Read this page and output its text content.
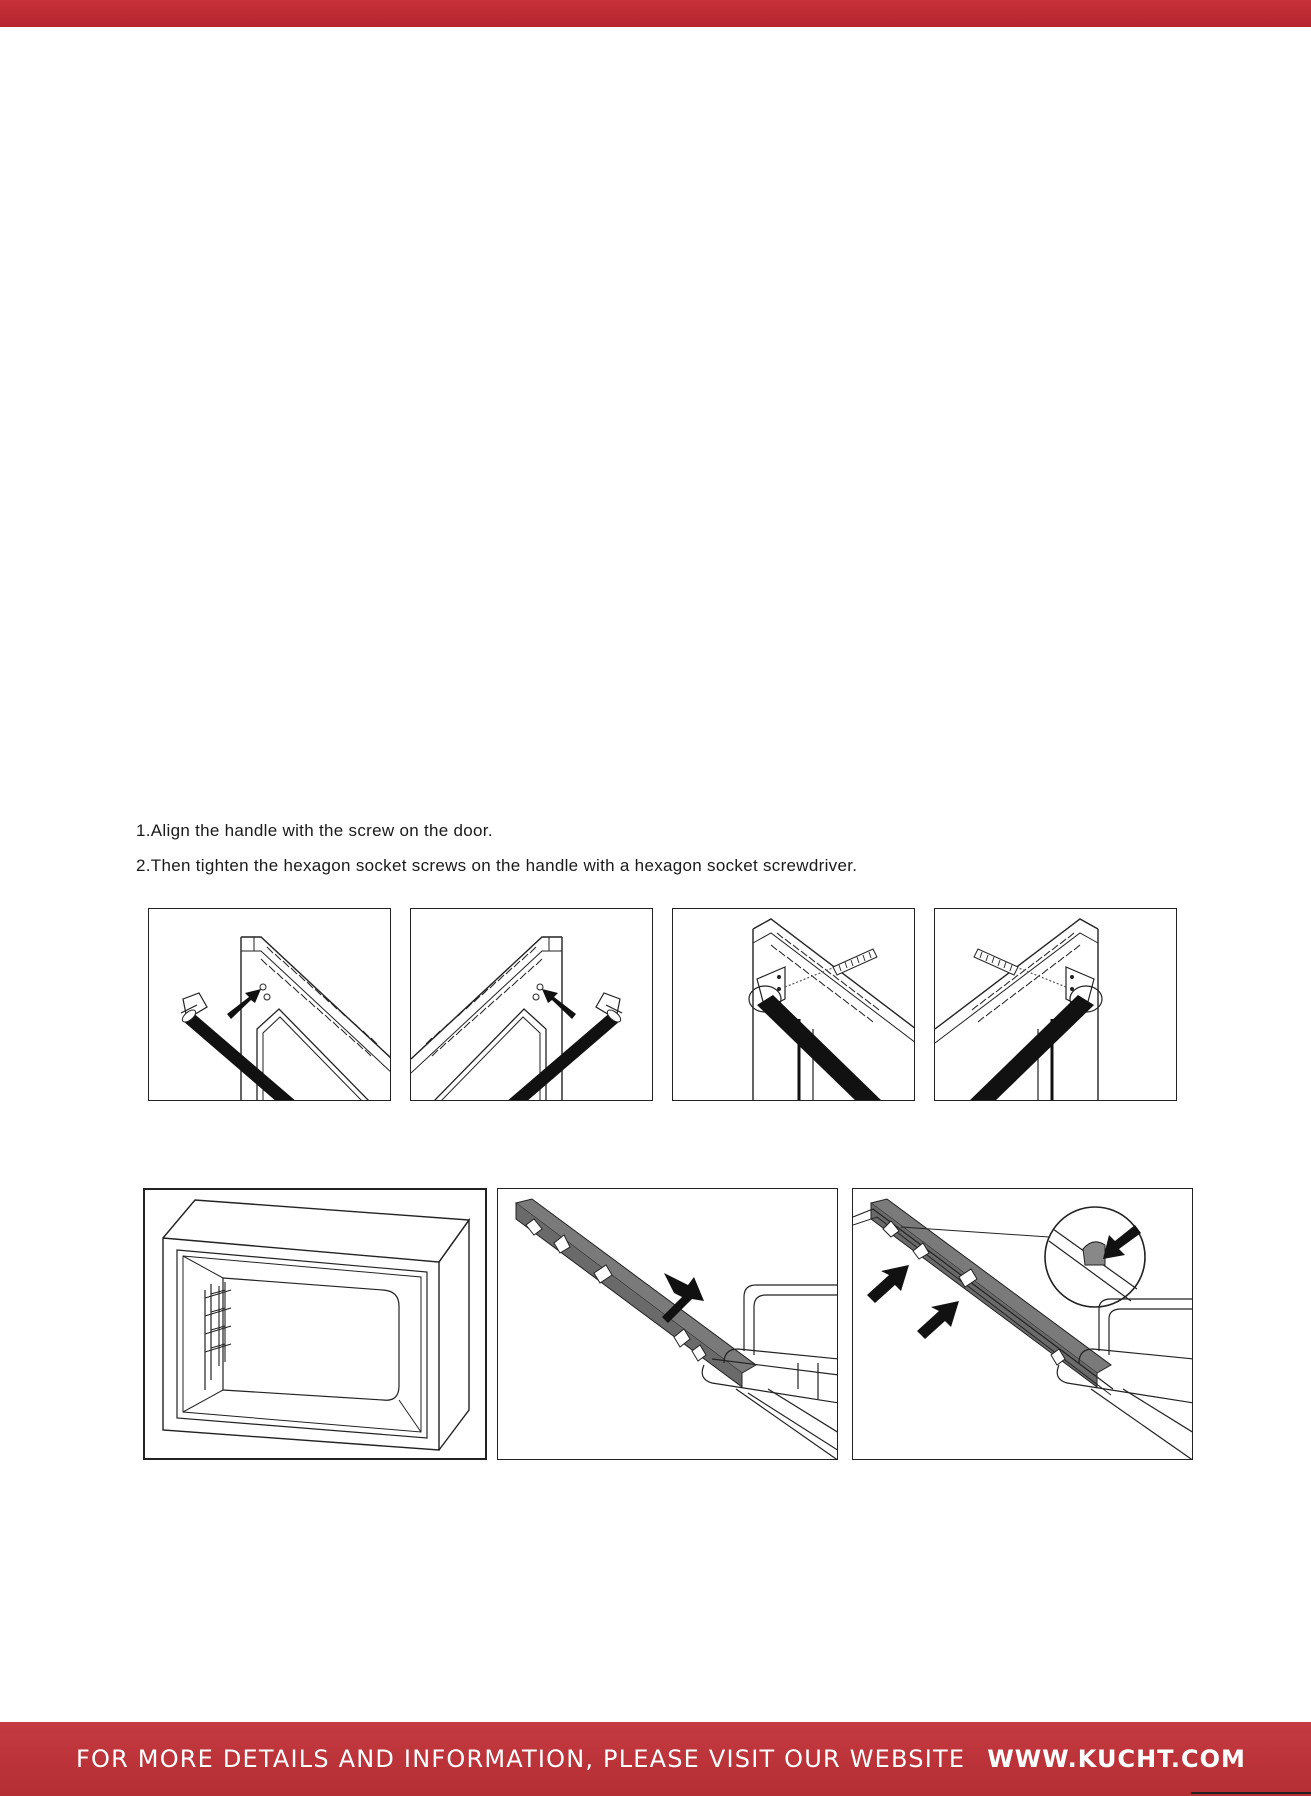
1.Align the handle with the screw on the door.

2.Then tighten the hexagon socket screws on the handle with a hexagon socket screwdriver.

FOR MORE DETAILS AND INFORMATION, PLEASE VISIT OUR WEBSITE WWW.KUCHT.COM
